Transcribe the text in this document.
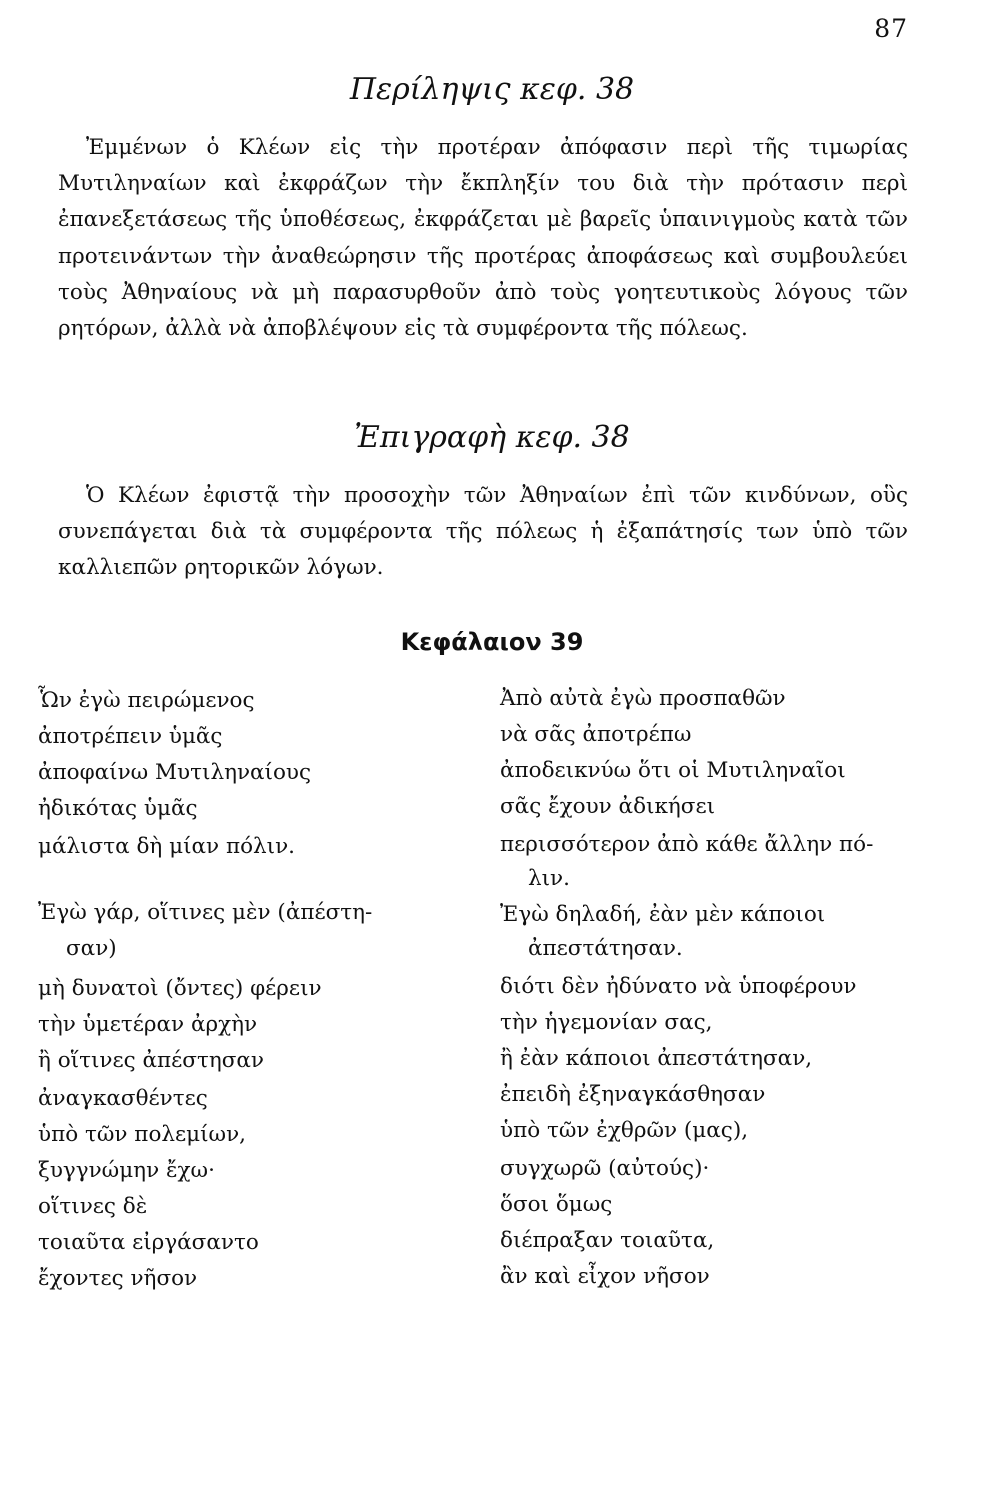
87
Περίληψις κεφ. 38
Ἐμμένων ὁ Κλέων εἰς τὴν προτέραν ἀπόφασιν περὶ τῆς τιμωρίας Μυτιληναίων καὶ ἐκφράζων τὴν ἔκπληξίν του διὰ τὴν πρότασιν περὶ ἐπανεξετάσεως τῆς ὑποθέσεως, ἐκφράζεται μὲ βαρεῖς ὑπαινιγμοὺς κατὰ τῶν προτεινάντων τὴν ἀναθεώρησιν τῆς προτέρας ἀποφάσεως καὶ συμβουλεύει τοὺς Ἀθηναίους νὰ μὴ παρασυρθοῦν ἀπὸ τοὺς γοητευτικοὺς λόγους τῶν ρητόρων, ἀλλὰ νὰ ἀποβλέψουν εἰς τὰ συμφέροντα τῆς πόλεως.
Ἐπιγραφὴ κεφ. 38
Ὁ Κλέων ἐφιστᾷ τὴν προσοχὴν τῶν Ἀθηναίων ἐπὶ τῶν κινδύνων, οὓς συνεπάγεται διὰ τὰ συμφέροντα τῆς πόλεως ἡ ἐξαπάτησίς των ὑπὸ τῶν καλλιεπῶν ρητορικῶν λόγων.
Κεφάλαιον 39
Ὧν ἐγὼ πειρώμενος
ἀποτρέπειν ὑμᾶς
ἀποφαίνω Μυτιληναίους
ἠδικότας ὑμᾶς
μάλιστα δὴ μίαν πόλιν.
Ἐγὼ γάρ, οἵτινες μὲν (ἀπέστη-
σαν)
μὴ δυνατοὶ (ὄντες) φέρειν
τὴν ὑμετέραν ἀρχὴν
ἢ οἵτινες ἀπέστησαν
ἀναγκασθέντες
ὑπὸ τῶν πολεμίων,
ξυγγνώμην ἔχω·
οἵτινες δὲ
τοιαῦτα εἰργάσαντο
ἔχοντες νῆσον
Ἀπὸ αὐτὰ ἐγὼ προσπαθῶν
νὰ σᾶς ἀποτρέπω
ἀποδεικνύω ὅτι οἱ Μυτιληναῖοι
σᾶς ἔχουν ἀδικήσει
περισσότερον ἀπὸ κάθε ἄλλην πό-
λιν.
Ἐγὼ δηλαδή, ἐὰν μὲν κάποιοι
ἀπεστάτησαν.
διότι δὲν ἠδύνατο νὰ ὑποφέρουν
τὴν ἡγεμονίαν σας,
ἢ ἐὰν κάποιοι ἀπεστάτησαν,
ἐπειδὴ ἐξηναγκάσθησαν
ὑπὸ τῶν ἐχθρῶν (μας),
συγχωρῶ (αὐτούς)·
ὅσοι ὅμως
διέπραξαν τοιαῦτα,
ἂν καὶ εἶχον νῆσον
